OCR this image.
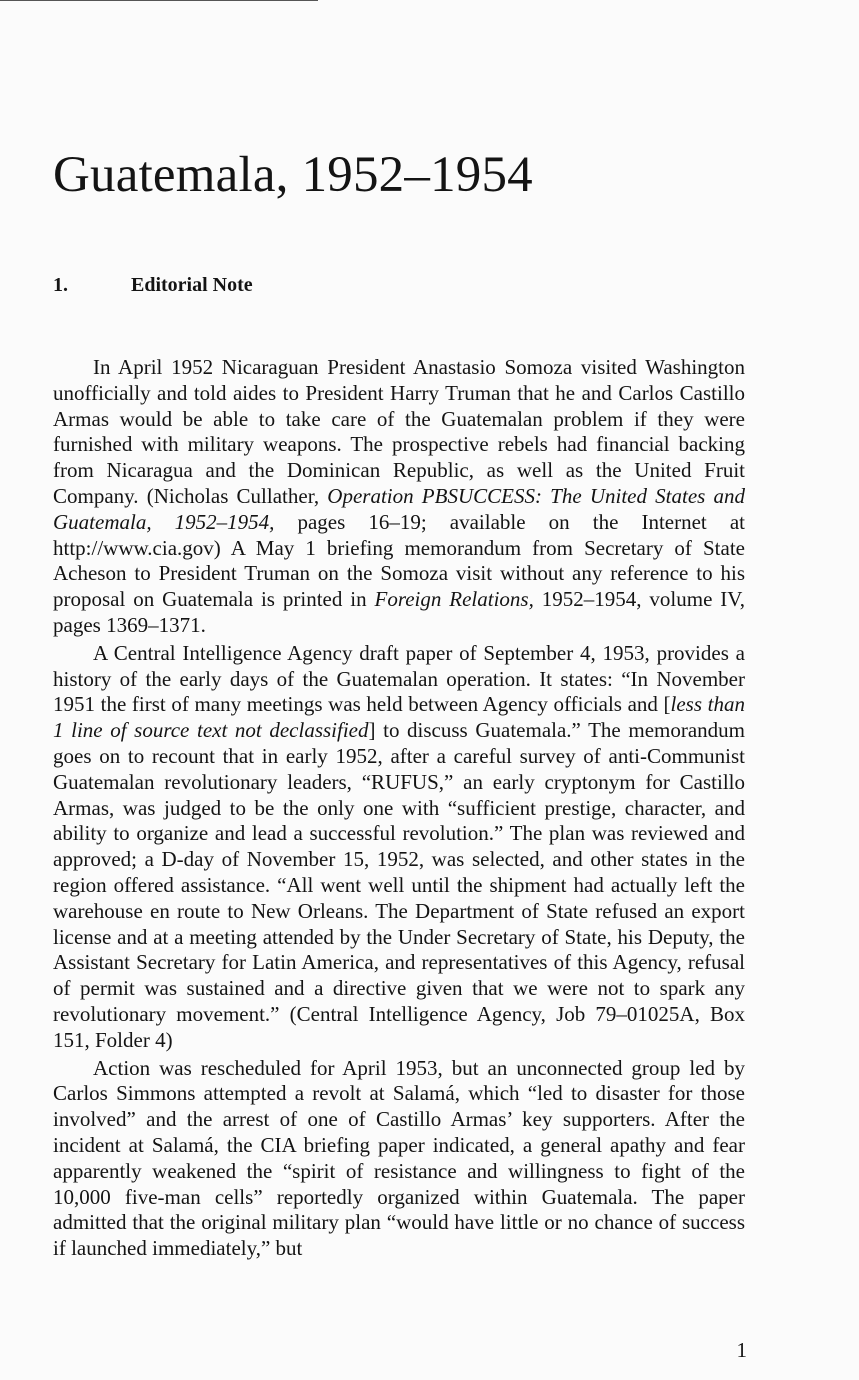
Guatemala, 1952–1954
1.	Editorial Note

In April 1952 Nicaraguan President Anastasio Somoza visited Washington unofficially and told aides to President Harry Truman that he and Carlos Castillo Armas would be able to take care of the Guatemalan problem if they were furnished with military weapons. The prospective rebels had financial backing from Nicaragua and the Dominican Republic, as well as the United Fruit Company. (Nicholas Cullather, Operation PBSUCCESS: The United States and Guatemala, 1952–1954, pages 16–19; available on the Internet at http://www.cia.gov) A May 1 briefing memorandum from Secretary of State Acheson to President Truman on the Somoza visit without any reference to his proposal on Guatemala is printed in Foreign Relations, 1952–1954, volume IV, pages 1369–1371.

A Central Intelligence Agency draft paper of September 4, 1953, provides a history of the early days of the Guatemalan operation. It states: “In November 1951 the first of many meetings was held between Agency officials and [less than 1 line of source text not declassified] to discuss Guatemala.” The memorandum goes on to recount that in early 1952, after a careful survey of anti-Communist Guatemalan revolutionary leaders, “RUFUS,” an early cryptonym for Castillo Armas, was judged to be the only one with “sufficient prestige, character, and ability to organize and lead a successful revolution.” The plan was reviewed and approved; a D-day of November 15, 1952, was selected, and other states in the region offered assistance. “All went well until the shipment had actually left the warehouse en route to New Orleans. The Department of State refused an export license and at a meeting attended by the Under Secretary of State, his Deputy, the Assistant Secretary for Latin America, and representatives of this Agency, refusal of permit was sustained and a directive given that we were not to spark any revolutionary movement.” (Central Intelligence Agency, Job 79–01025A, Box 151, Folder 4)

Action was rescheduled for April 1953, but an unconnected group led by Carlos Simmons attempted a revolt at Salamá, which “led to disaster for those involved” and the arrest of one of Castillo Armas’ key supporters. After the incident at Salamá, the CIA briefing paper indicated, a general apathy and fear apparently weakened the “spirit of resistance and willingness to fight of the 10,000 five-man cells” reportedly organized within Guatemala. The paper admitted that the original military plan “would have little or no chance of success if launched immediately,” but

1
